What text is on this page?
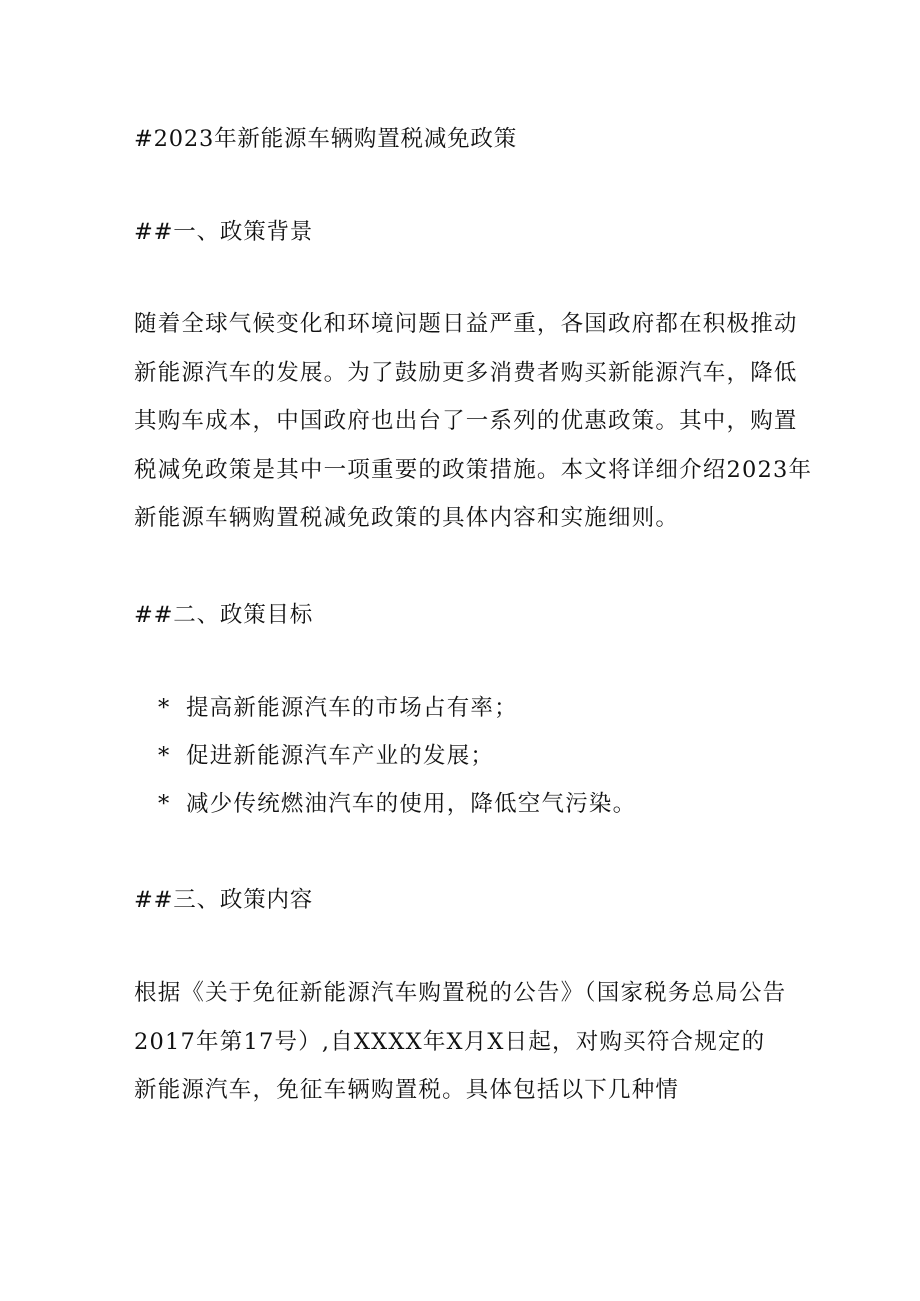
#2023年新能源车辆购置税减免政策
##一、政策背景

随着全球气候变化和环境问题日益严重，各国政府都在积极推动
新能源汽车的发展。为了鼓励更多消费者购买新能源汽车，降低
其购车成本，中国政府也出台了一系列的优惠政策。其中，购置
税减免政策是其中一项重要的政策措施。本文将详细介绍2023年
新能源车辆购置税减免政策的具体内容和实施细则。

##二、政策目标
* 提高新能源汽车的市场占有率；
* 促进新能源汽车产业的发展；
* 减少传统燃油汽车的使用，降低空气污染。
##三、政策内容

根据《关于免征新能源汽车购置税的公告》（国家税务总局公告
2017年第17号）,自XXXX年X月X日起，对购买符合规定的
新能源汽车，免征车辆购置税。具体包括以下几种情
